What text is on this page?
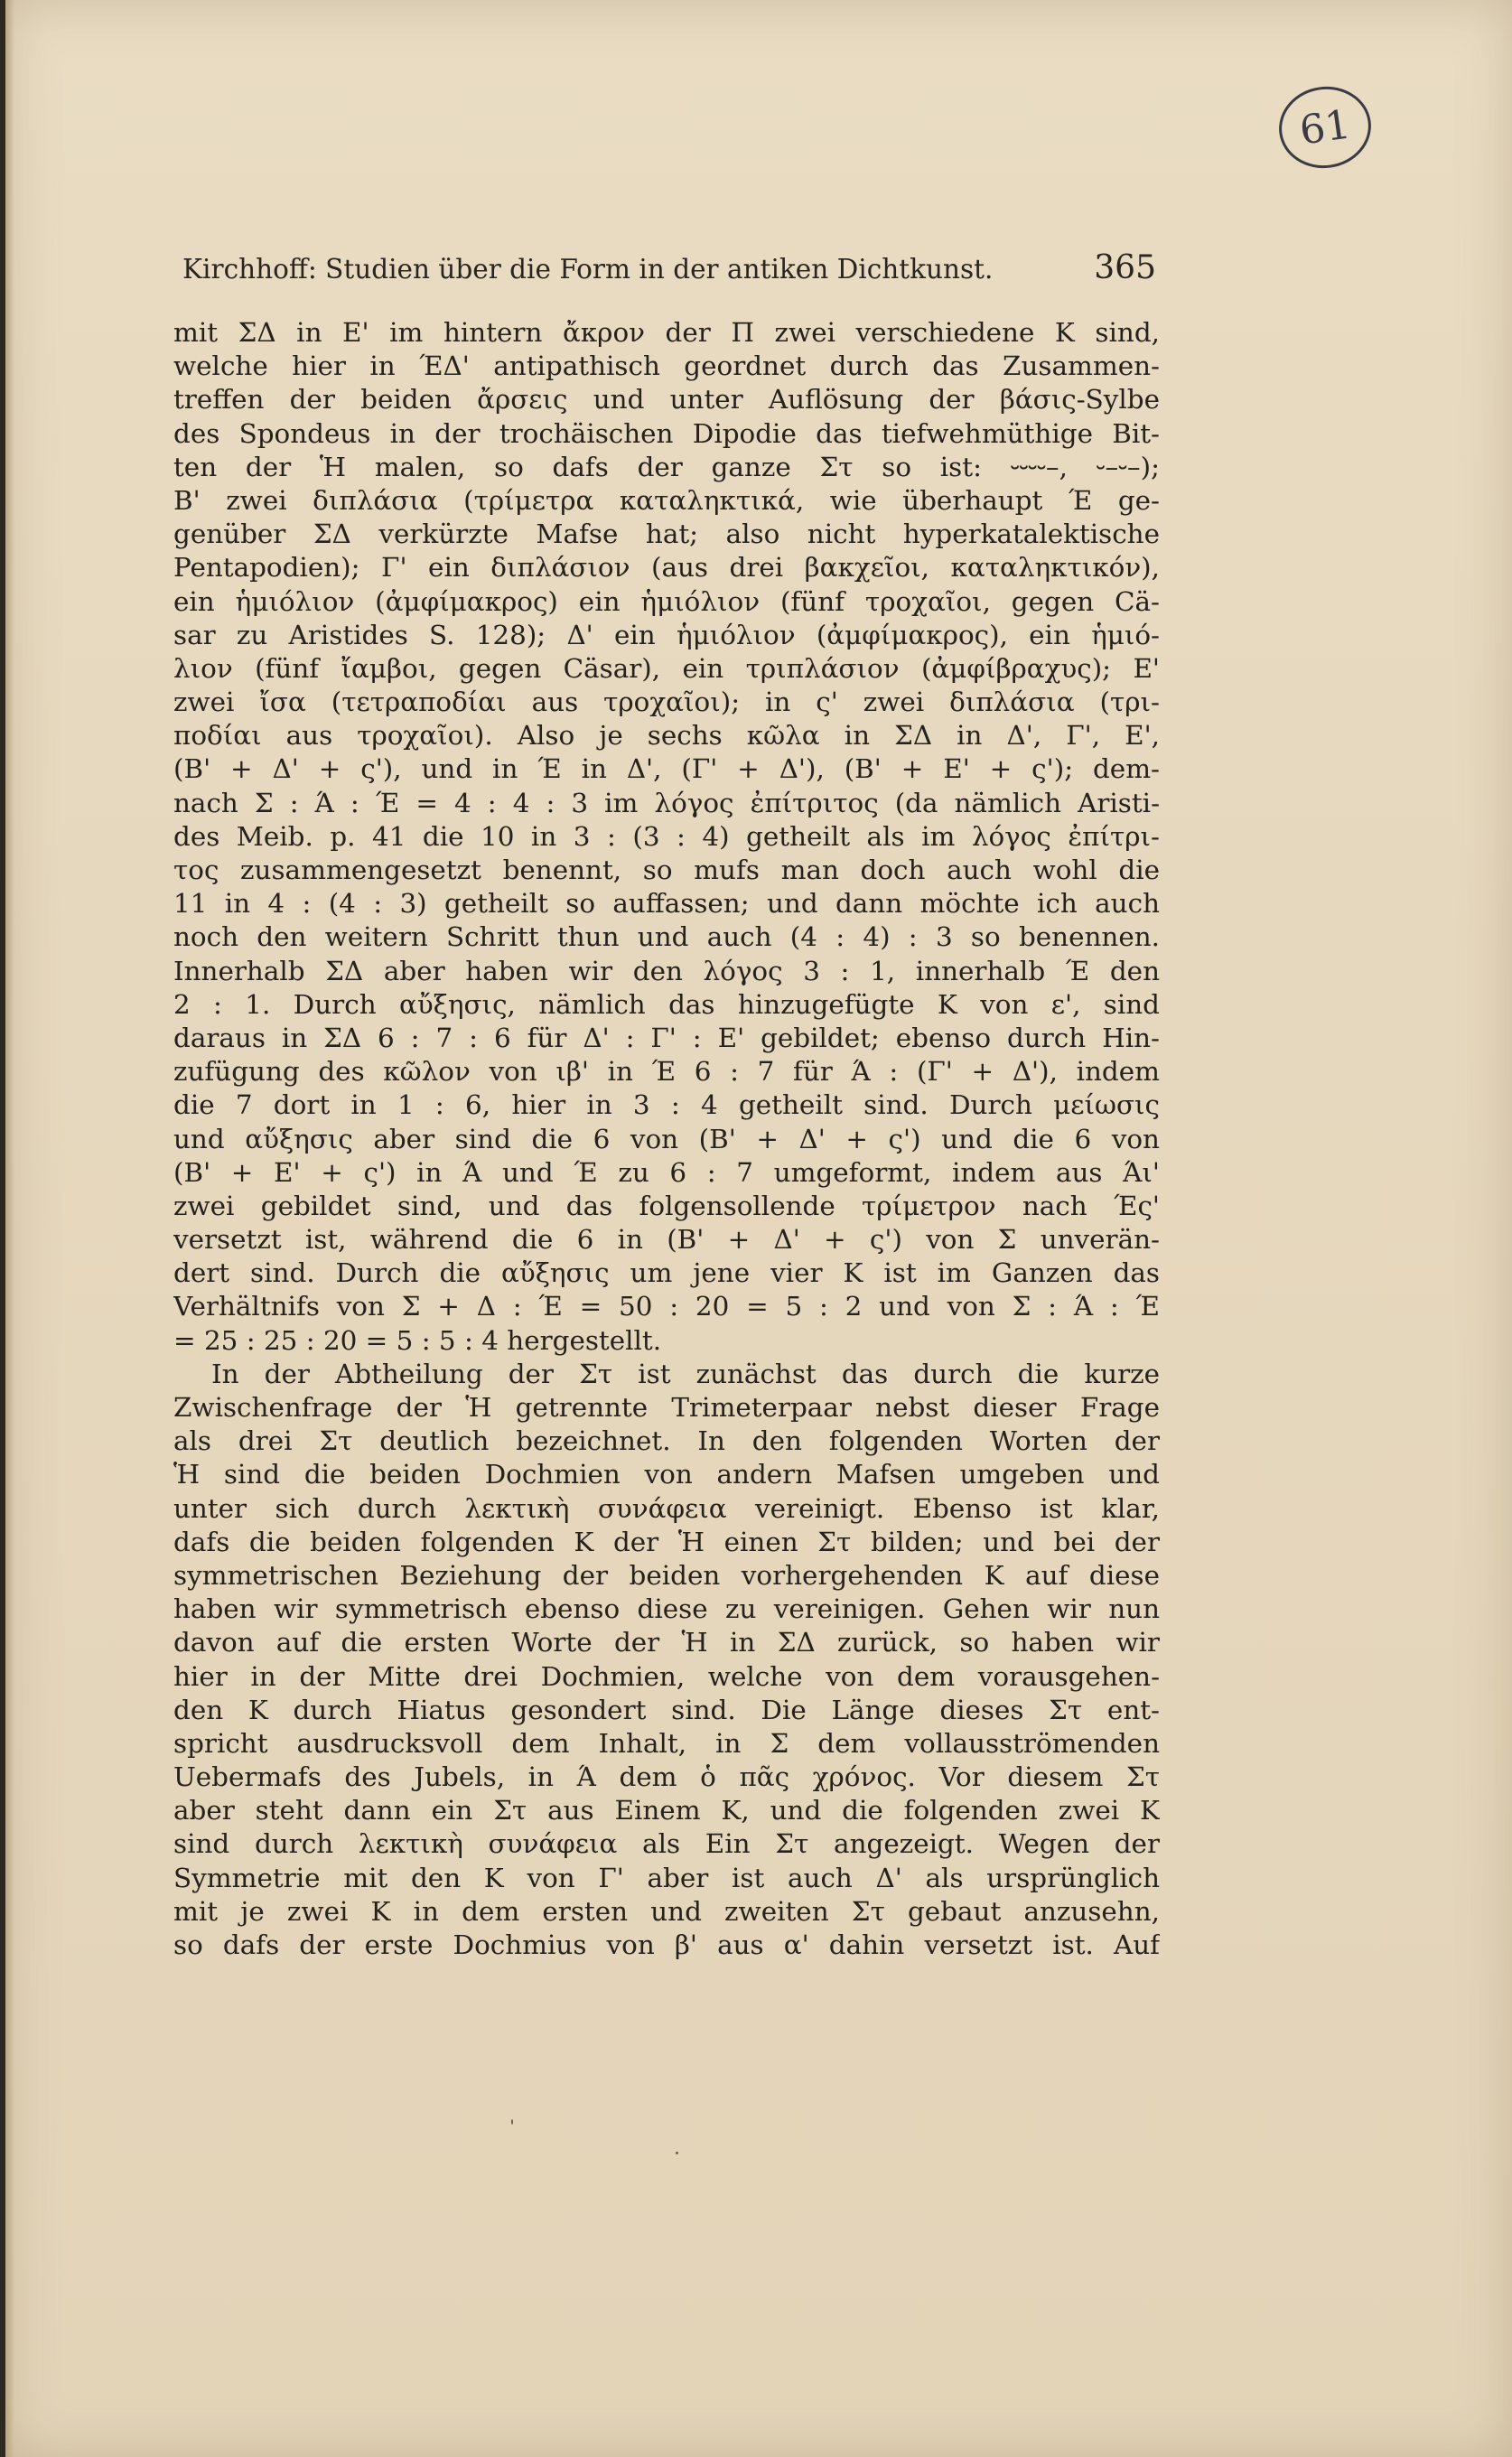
61
Kirchhoff: Studien über die Form in der antiken Dichtkunst.	365
mit ΣΔ in E' im hintern ἄκρον der Π zwei verschiedene K sind,
welche hier in ΈΔ' antipathisch geordnet durch das Zusammen-
treffen der beiden ἄρσεις und unter Auflösung der βάσις-Sylbe
des Spondeus in der trochäischen Dipodie das tiefwehmüthige Bit-
ten der Ἡ malen, so dafs der ganze Στ so ist: ⏑⏑⏑⏑–, ⏑–⏑–);
B' zwei διπλάσια (τρίμετρα καταληκτικά, wie überhaupt Έ ge-
genüber ΣΔ verkürzte Mafse hat; also nicht hyperkatalektische
Pentapodien); Γ' ein διπλάσιον (aus drei βακχεῖοι, καταληκτικόν),
ein ἡμιόλιον (ἀμφίμακρος) ein ἡμιόλιον (fünf τροχαῖοι, gegen Cä-
sar zu Aristides S. 128); Δ' ein ἡμιόλιον (ἀμφίμακρος), ein ἡμιό-
λιον (fünf ἴαμβοι, gegen Cäsar), ein τριπλάσιον (ἀμφίβραχυς); E'
zwei ἴσα (τετραποδίαι aus τροχαῖοι); in ς' zwei διπλάσια (τρι-
ποδίαι aus τροχαῖοι). Also je sechs κῶλα in ΣΔ in Δ', Γ', E',
(B' + Δ' + ς'), und in Έ in Δ', (Γ' + Δ'), (B' + E' + ς'); dem-
nach Σ : Ά : Έ = 4 : 4 : 3 im λόγος ἐπίτριτος (da nämlich Aristi-
des Meib. p. 41 die 10 in 3 : (3 : 4) getheilt als im λόγος ἐπίτρι-
τος zusammengesetzt benennt, so mufs man doch auch wohl die
11 in 4 : (4 : 3) getheilt so auffassen; und dann möchte ich auch
noch den weitern Schritt thun und auch (4 : 4) : 3 so benennen.
Innerhalb ΣΔ aber haben wir den λόγος 3 : 1, innerhalb Έ den
2 : 1. Durch αὔξησις, nämlich das hinzugefügte K von ε', sind
daraus in ΣΔ 6 : 7 : 6 für Δ' : Γ' : E' gebildet; ebenso durch Hin-
zufügung des κῶλον von ιβ' in Έ 6 : 7 für Ά : (Γ' + Δ'), indem
die 7 dort in 1 : 6, hier in 3 : 4 getheilt sind. Durch μείωσις
und αὔξησις aber sind die 6 von (B' + Δ' + ς') und die 6 von
(B' + E' + ς') in Ά und Έ zu 6 : 7 umgeformt, indem aus Άι'
zwei gebildet sind, und das folgensollende τρίμετρον nach Ές'
versetzt ist, während die 6 in (B' + Δ' + ς') von Σ unverän-
dert sind. Durch die αὔξησις um jene vier K ist im Ganzen das
Verhältnifs von Σ + Δ : Έ = 50 : 20 = 5 : 2 und von Σ : Ά : Έ
= 25 : 25 : 20 = 5 : 5 : 4 hergestellt.
In der Abtheilung der Στ ist zunächst das durch die kurze
Zwischenfrage der Ἡ getrennte Trimeterpaar nebst dieser Frage
als drei Στ deutlich bezeichnet. In den folgenden Worten der
Ἡ sind die beiden Dochmien von andern Mafsen umgeben und
unter sich durch λεκτικὴ συνάφεια vereinigt. Ebenso ist klar,
dafs die beiden folgenden K der Ἡ einen Στ bilden; und bei der
symmetrischen Beziehung der beiden vorhergehenden K auf diese
haben wir symmetrisch ebenso diese zu vereinigen. Gehen wir nun
davon auf die ersten Worte der Ἡ in ΣΔ zurück, so haben wir
hier in der Mitte drei Dochmien, welche von dem vorausgehen-
den K durch Hiatus gesondert sind. Die Länge dieses Στ ent-
spricht ausdrucksvoll dem Inhalt, in Σ dem vollausströmenden
Uebermafs des Jubels, in Ά dem ὁ πᾶς χρόνος. Vor diesem Στ
aber steht dann ein Στ aus Einem K, und die folgenden zwei K
sind durch λεκτικὴ συνάφεια als Ein Στ angezeigt. Wegen der
Symmetrie mit den K von Γ' aber ist auch Δ' als ursprünglich
mit je zwei K in dem ersten und zweiten Στ gebaut anzusehn,
so dafs der erste Dochmius von β' aus α' dahin versetzt ist. Auf
